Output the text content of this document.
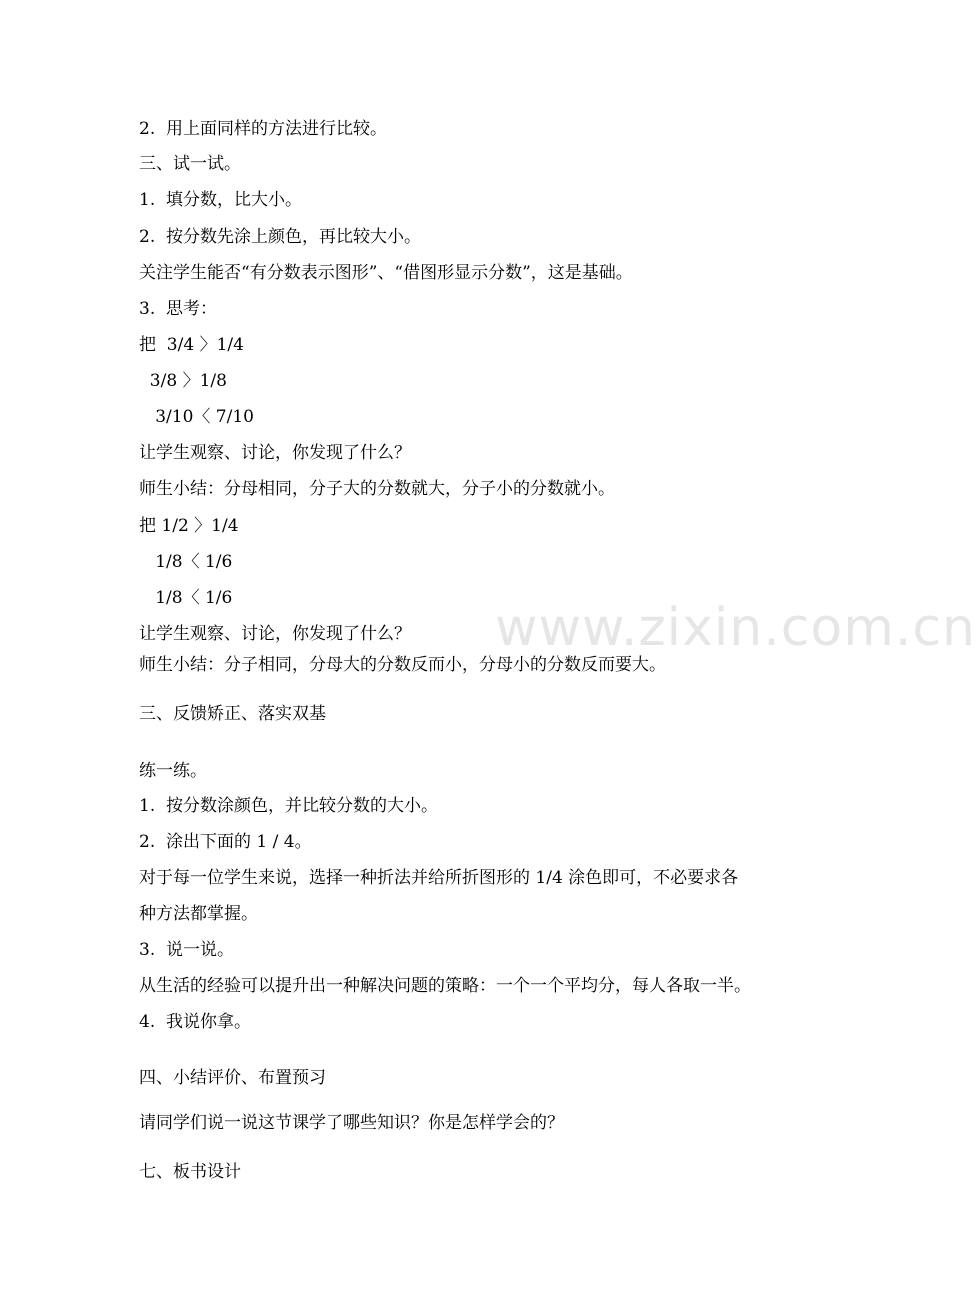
www.zixin.com.cn
2.  用上面同样的方法进行比较。
三、试一试。
1.  填分数，比大小。
2.  按分数先涂上颜色，再比较大小。
关注学生能否“有分数表示图形”、“借图形显示分数”，这是基础。
3.  思考：
把  3/4 〉1/4
3/8 〉1/8
3/10〈 7/10
让学生观察、讨论，你发现了什么？
师生小结：分母相同，分子大的分数就大，分子小的分数就小。
把 1/2 〉1/4
1/8〈 1/6
1/8〈 1/6
让学生观察、讨论，你发现了什么？
师生小结：分子相同，分母大的分数反而小，分母小的分数反而要大。
三、反馈矫正、落实双基
练一练。
1.  按分数涂颜色，并比较分数的大小。
2.  涂出下面的 1 / 4。
对于每一位学生来说，选择一种折法并给所折图形的 1/4 涂色即可，不必要求各
种方法都掌握。
3.  说一说。
从生活的经验可以提升出一种解决问题的策略：一个一个平均分，每人各取一半。
4.  我说你拿。
四、小结评价、布置预习
请同学们说一说这节课学了哪些知识？你是怎样学会的？
七、板书设计
